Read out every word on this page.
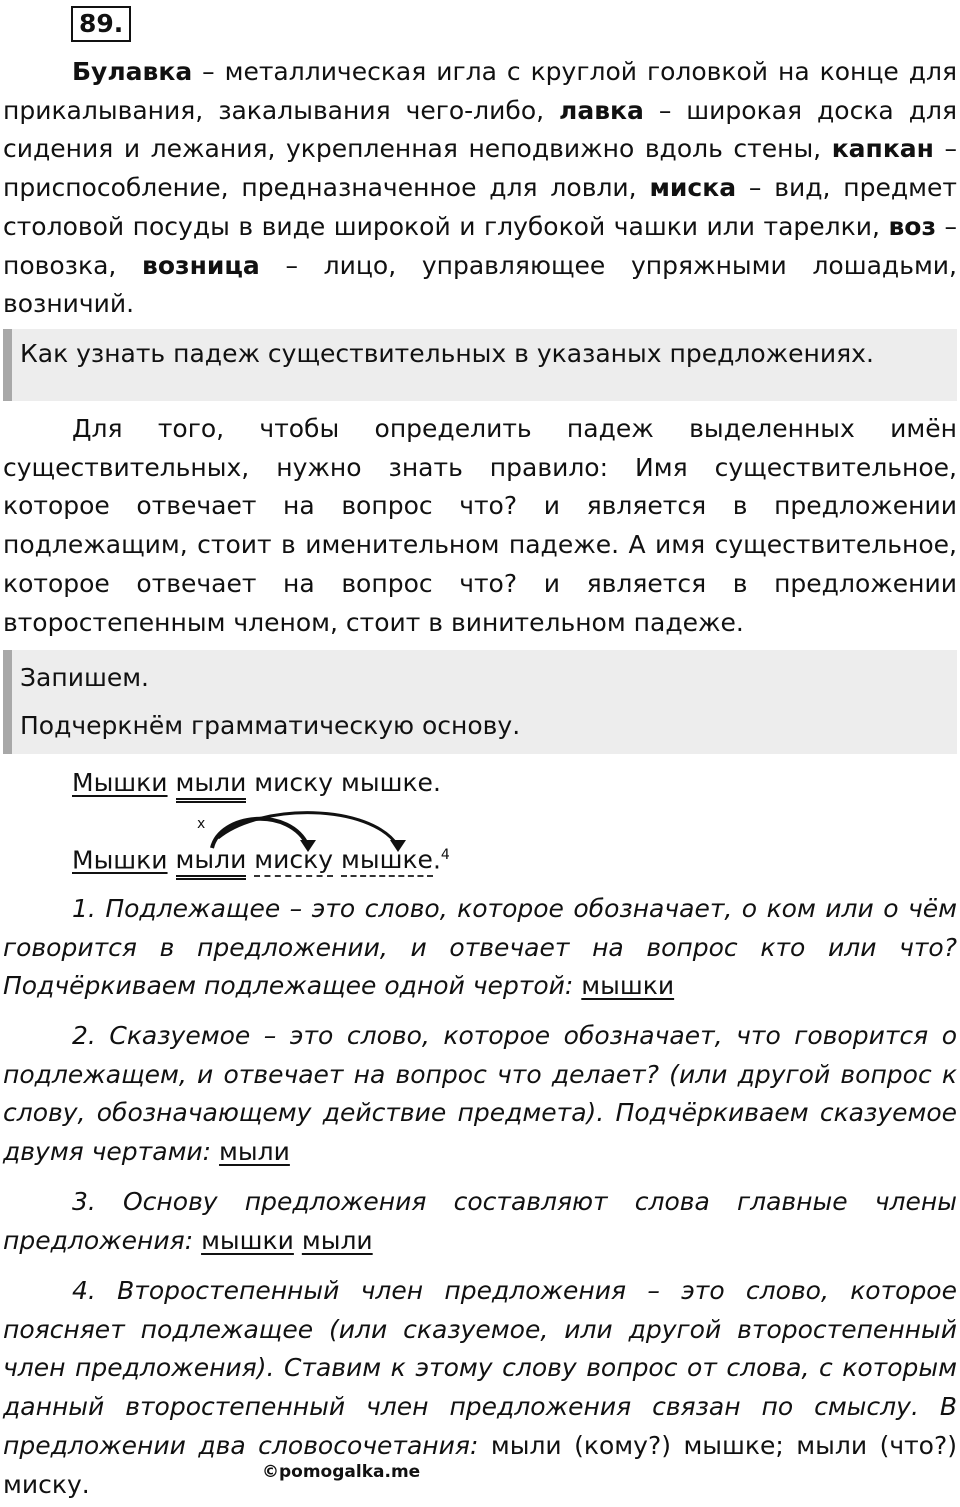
89.
Булавка – металлическая игла с круглой головкой на конце для прикалывания, закалывания чего-либо, лавка – широкая доска для сидения и лежания, укрепленная неподвижно вдоль стены, капкан – приспособление, предназначенное для ловли, миска – вид, предмет столовой посуды в виде широкой и глубокой чашки или тарелки, воз – повозка, возница – лицо, управляющее упряжными лошадьми, возничий.
Как узнать падеж существительных в указаных предложениях.
Для того, чтобы определить падеж выделенных имён существительных, нужно знать правило: Имя существительное, которое отвечает на вопрос что? и является в предложении подлежащим, стоит в именительном падеже. А имя существительное, которое отвечает на вопрос что? и является в предложении второстепенным членом, стоит в винительном падеже.
Запишем.
Подчеркнём грамматическую основу.
Мышки мыли миску мышке.
x
Мышки мыли миску мышке.$^4$
1. Подлежащее – это слово, которое обозначает, о ком или о чём говорится в предложении, и отвечает на вопрос кто или что? Подчёркиваем подлежащее одной чертой: мышки
2. Сказуемое – это слово, которое обозначает, что говорится о подлежащем, и отвечает на вопрос что делает? (или другой вопрос к слову, обозначающему действие предмета). Подчёркиваем сказуемое двумя чертами: мыли
3. Основу предложения составляют слова главные члены предложения: мышки мыли
4. Второстепенный член предложения – это слово, которое поясняет подлежащее (или сказуемое, или другой второстепенный член предложения). Ставим к этому слову вопрос от слова, с которым данный второстепенный член предложения связан по смыслу. В предложении два словосочетания: мыли (кому?) мышке; мыли (что?) миску.	©pomogalka.me
